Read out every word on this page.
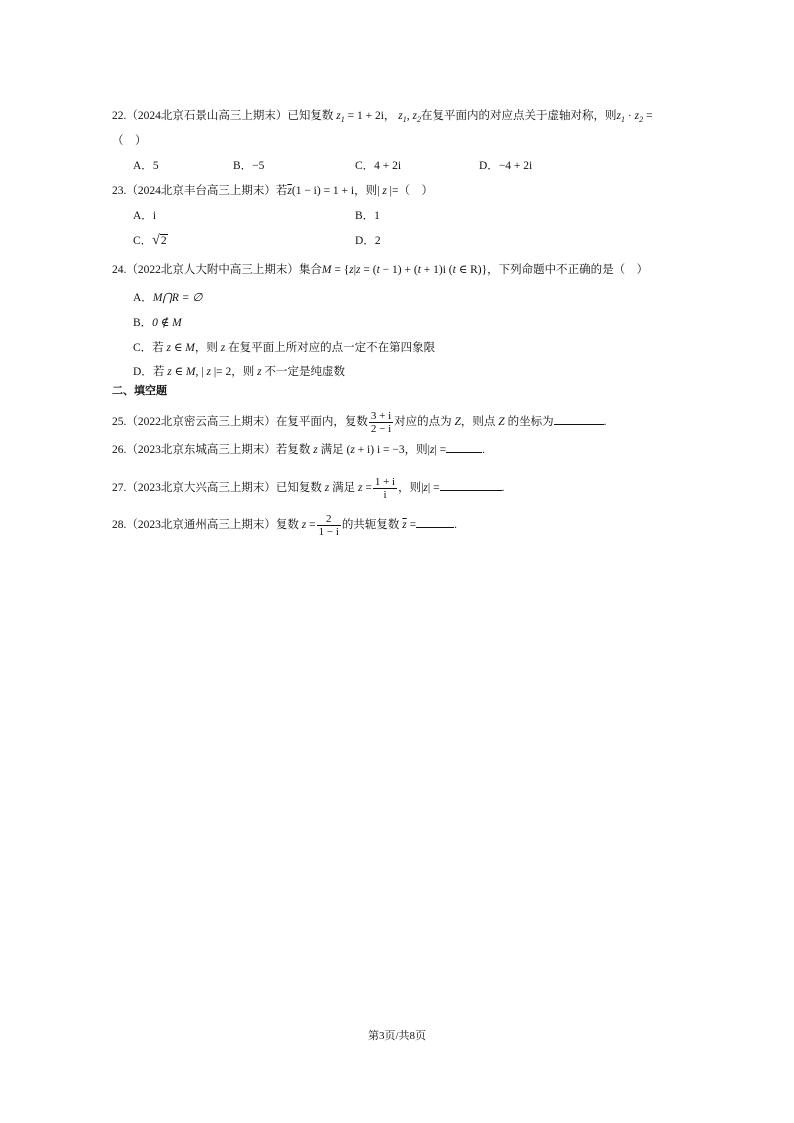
22.（2024北京石景山高三上期末）已知复数 $z_1 = 1 + 2i$， $z_1$, $z_2$在复平面内的对应点关于虚轴对称，则$z_1 \cdot z_2$ =
（　）
A．5	B．−5	C．4 + 2i	D．−4 + 2i
23.（2024北京丰台高三上期末）若$\overline{z}(1 - i) = 1 + i$，则| z |=（　）
A．i	B．1
C．√2	D．2
24.（2022北京人大附中高三上期末）集合M = {z|z = (t − 1) + (t + 1)i (t ∈ R)}，下列命题中不正确的是（　）
A．M⋂R = ∅
B．0 ∉ M
C．若 z ∈ M，则 z 在复平面上所对应的点一定不在第四象限
D．若 z ∈ M, | z |= 2，则 z 不一定是纯虚数
二、填空题
25.（2022北京密云高三上期末）在复平面内，复数 $\frac{3 + i}{2 - i}$ 对应的点为 Z，则点 Z 的坐标为	.
26.（2023北京东城高三上期末）若复数 z 满足 (z + i) i = −3，则|z| =	.
27.（2023北京大兴高三上期末）已知复数 z 满足 $z = \frac{1 + i}{i}$ ，则|z| =	.
28.（2023北京通州高三上期末）复数 $z = \frac{2}{1 - i}$ 的共轭复数 $\overline{z}$ =	.
第3页/共8页
